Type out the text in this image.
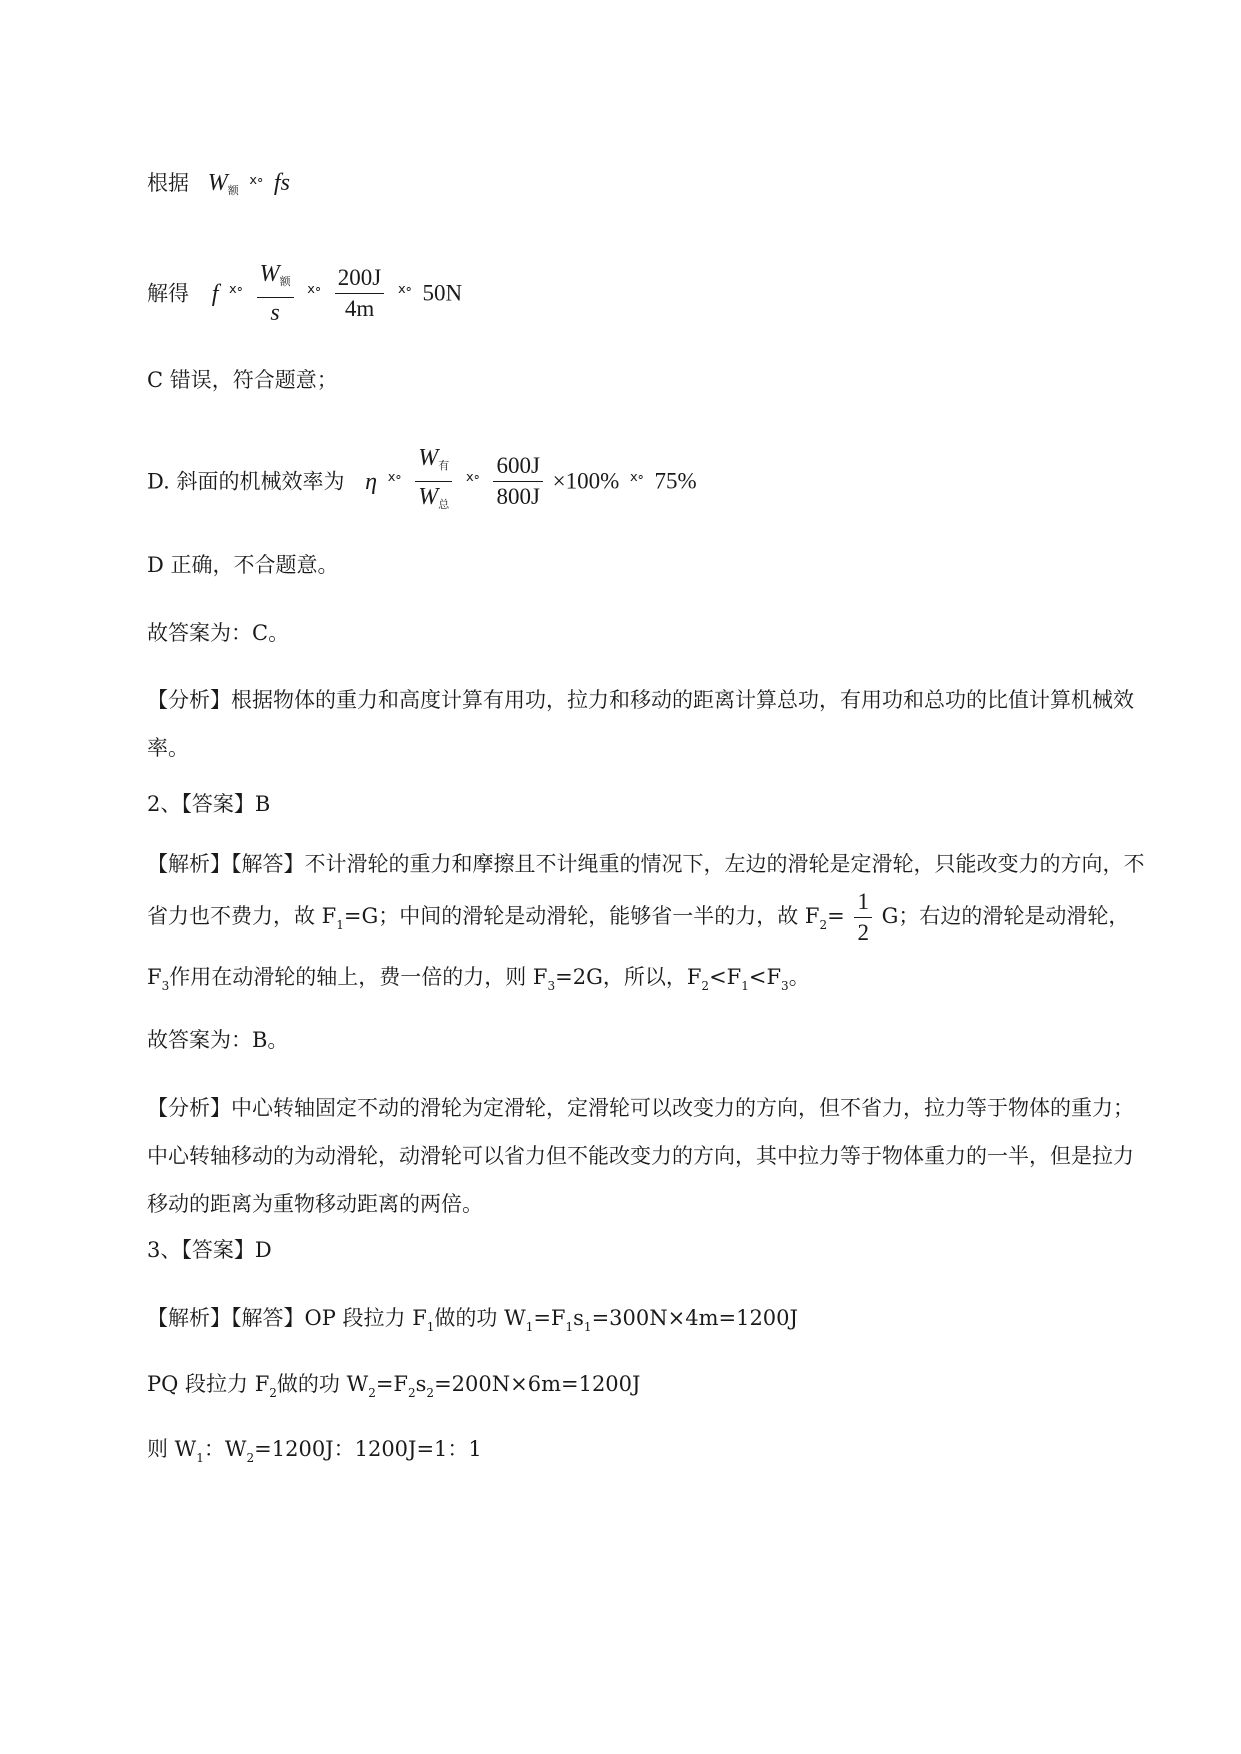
根据 W额 $^{ⅹ\circ}$ fs
解得 f $^{ⅹ\circ} \frac{\text{W额}}{s} ^{ⅹ\circ} \frac{200J}{4m} ^{ⅹ\circ}$ 50N
C 错误，符合题意；
D. 斜面的机械效率为 η $^{ⅹ\circ} \frac{\text{W有}}{\text{W总}} ^{ⅹ\circ} \frac{600J}{800J} \times 100\%$ $^{ⅹ\circ}$ 75%
D 正确，不合题意。
故答案为：C。
【分析】根据物体的重力和高度计算有用功，拉力和移动的距离计算总功，有用功和总功的比值计算机械效率。
2、【答案】B
【解析】【解答】不计滑轮的重力和摩擦且不计绳重的情况下，左边的滑轮是定滑轮，只能改变力的方向，不省力也不费力，故 $F_1=G$；中间的滑轮是动滑轮，能够省一半的力，故 $F_2= \frac{1}{2}$ G；右边的滑轮是动滑轮，$F_3$作用在动滑轮的轴上，费一倍的力，则 $F_3=2G$，所以，$F_2<F_1<F_3$。
故答案为：B。
【分析】中心转轴固定不动的滑轮为定滑轮，定滑轮可以改变力的方向，但不省力，拉力等于物体的重力；中心转轴移动的为动滑轮，动滑轮可以省力但不能改变力的方向，其中拉力等于物体重力的一半，但是拉力移动的距离为重物移动距离的两倍。
3、【答案】D
【解析】【解答】OP 段拉力 $F_1$做的功 $W_1=F_1s_1=300N\times 4m=1200J$
PQ 段拉力 $F_2$做的功 $W_2=F_2s_2=200N\times 6m=1200J$
则 $W_1$：$W_2=1200J$：1200J=1：1
